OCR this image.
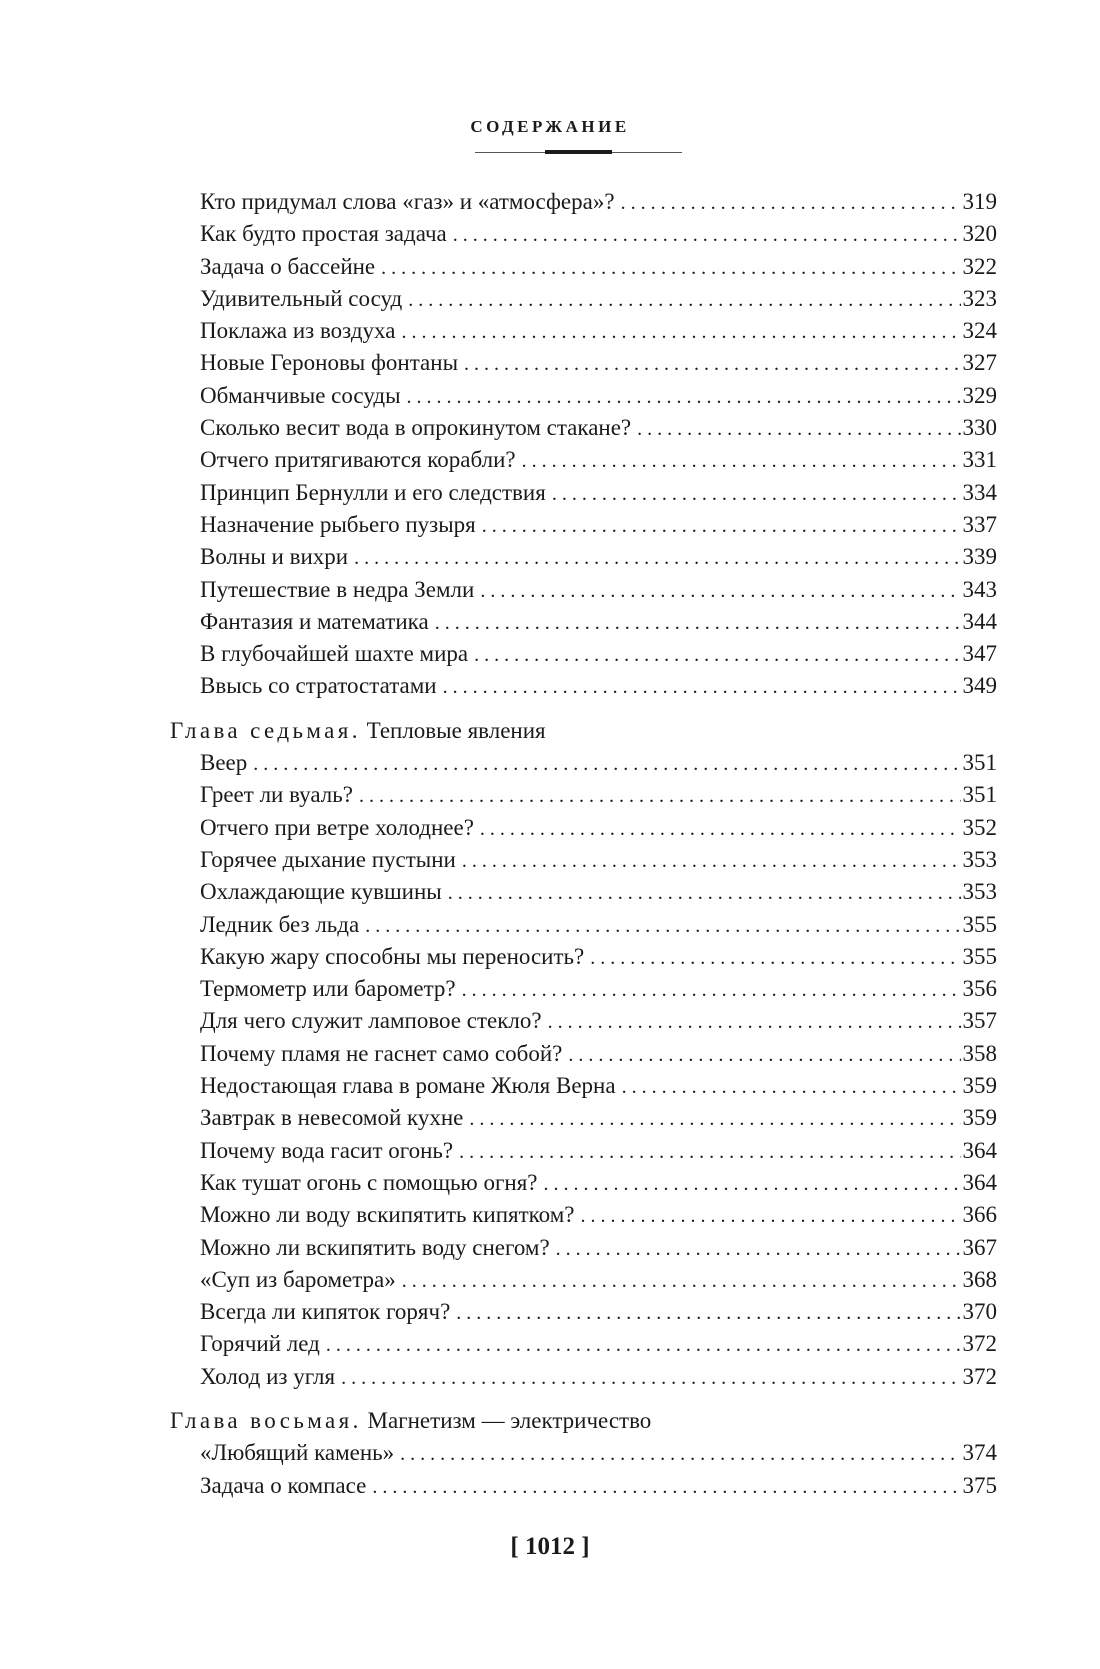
СОДЕРЖАНИЕ
Кто придумал слова «газ» и «атмосфера»? . . .	319
Как будто простая задача . . .	320
Задача о бассейне . . .	322
Удивительный сосуд . . .	323
Поклажа из воздуха . . .	324
Новые Героновы фонтаны . . .	327
Обманчивые сосуды . . .	329
Сколько весит вода в опрокинутом стакане? . . .	330
Отчего притягиваются корабли? . . .	331
Принцип Бернулли и его следствия . . .	334
Назначение рыбьего пузыря . . .	337
Волны и вихри . . .	339
Путешествие в недра Земли . . .	343
Фантазия и математика . . .	344
В глубочайшей шахте мира . . .	347
Ввысь со стратостатами . . .	349
Глава седьмая. Тепловые явления
Веер . . .	351
Греет ли вуаль? . . .	351
Отчего при ветре холоднее? . . .	352
Горячее дыхание пустыни . . .	353
Охлаждающие кувшины . . .	353
Ледник без льда . . .	355
Какую жару способны мы переносить? . . .	355
Термометр или барометр? . . .	356
Для чего служит ламповое стекло? . . .	357
Почему пламя не гаснет само собой? . . .	358
Недостающая глава в романе Жюля Верна . . .	359
Завтрак в невесомой кухне . . .	359
Почему вода гасит огонь? . . .	364
Как тушат огонь с помощью огня? . . .	364
Можно ли воду вскипятить кипятком? . . .	366
Можно ли вскипятить воду снегом? . . .	367
«Суп из барометра» . . .	368
Всегда ли кипяток горяч? . . .	370
Горячий лед . . .	372
Холод из угля . . .	372
Глава восьмая. Магнетизм — электричество
«Любящий камень» . . .	374
Задача о компасе . . .	375
[ 1012 ]
